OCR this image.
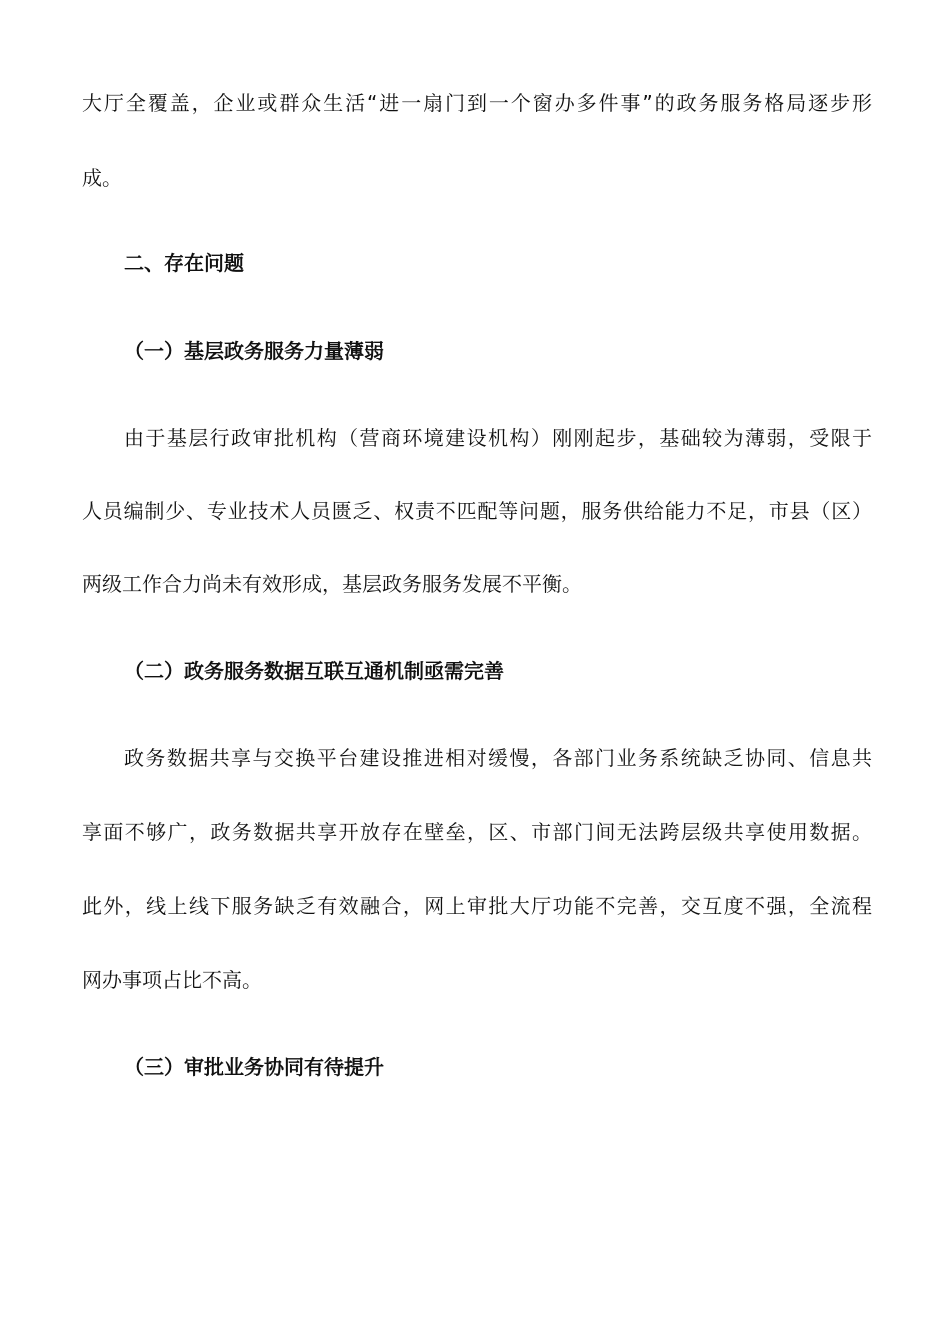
大厅全覆盖，企业或群众生活“进一扇门到一个窗办多件事”的政务服务格局逐步形
成。
二、存在问题
（一）基层政务服务力量薄弱
由于基层行政审批机构（营商环境建设机构）刚刚起步，基础较为薄弱，受限于
人员编制少、专业技术人员匮乏、权责不匹配等问题，服务供给能力不足，市县（区）
两级工作合力尚未有效形成，基层政务服务发展不平衡。
（二）政务服务数据互联互通机制亟需完善
政务数据共享与交换平台建设推进相对缓慢，各部门业务系统缺乏协同、信息共
享面不够广，政务数据共享开放存在壁垒，区、市部门间无法跨层级共享使用数据。
此外，线上线下服务缺乏有效融合，网上审批大厅功能不完善，交互度不强，全流程
网办事项占比不高。
（三）审批业务协同有待提升
